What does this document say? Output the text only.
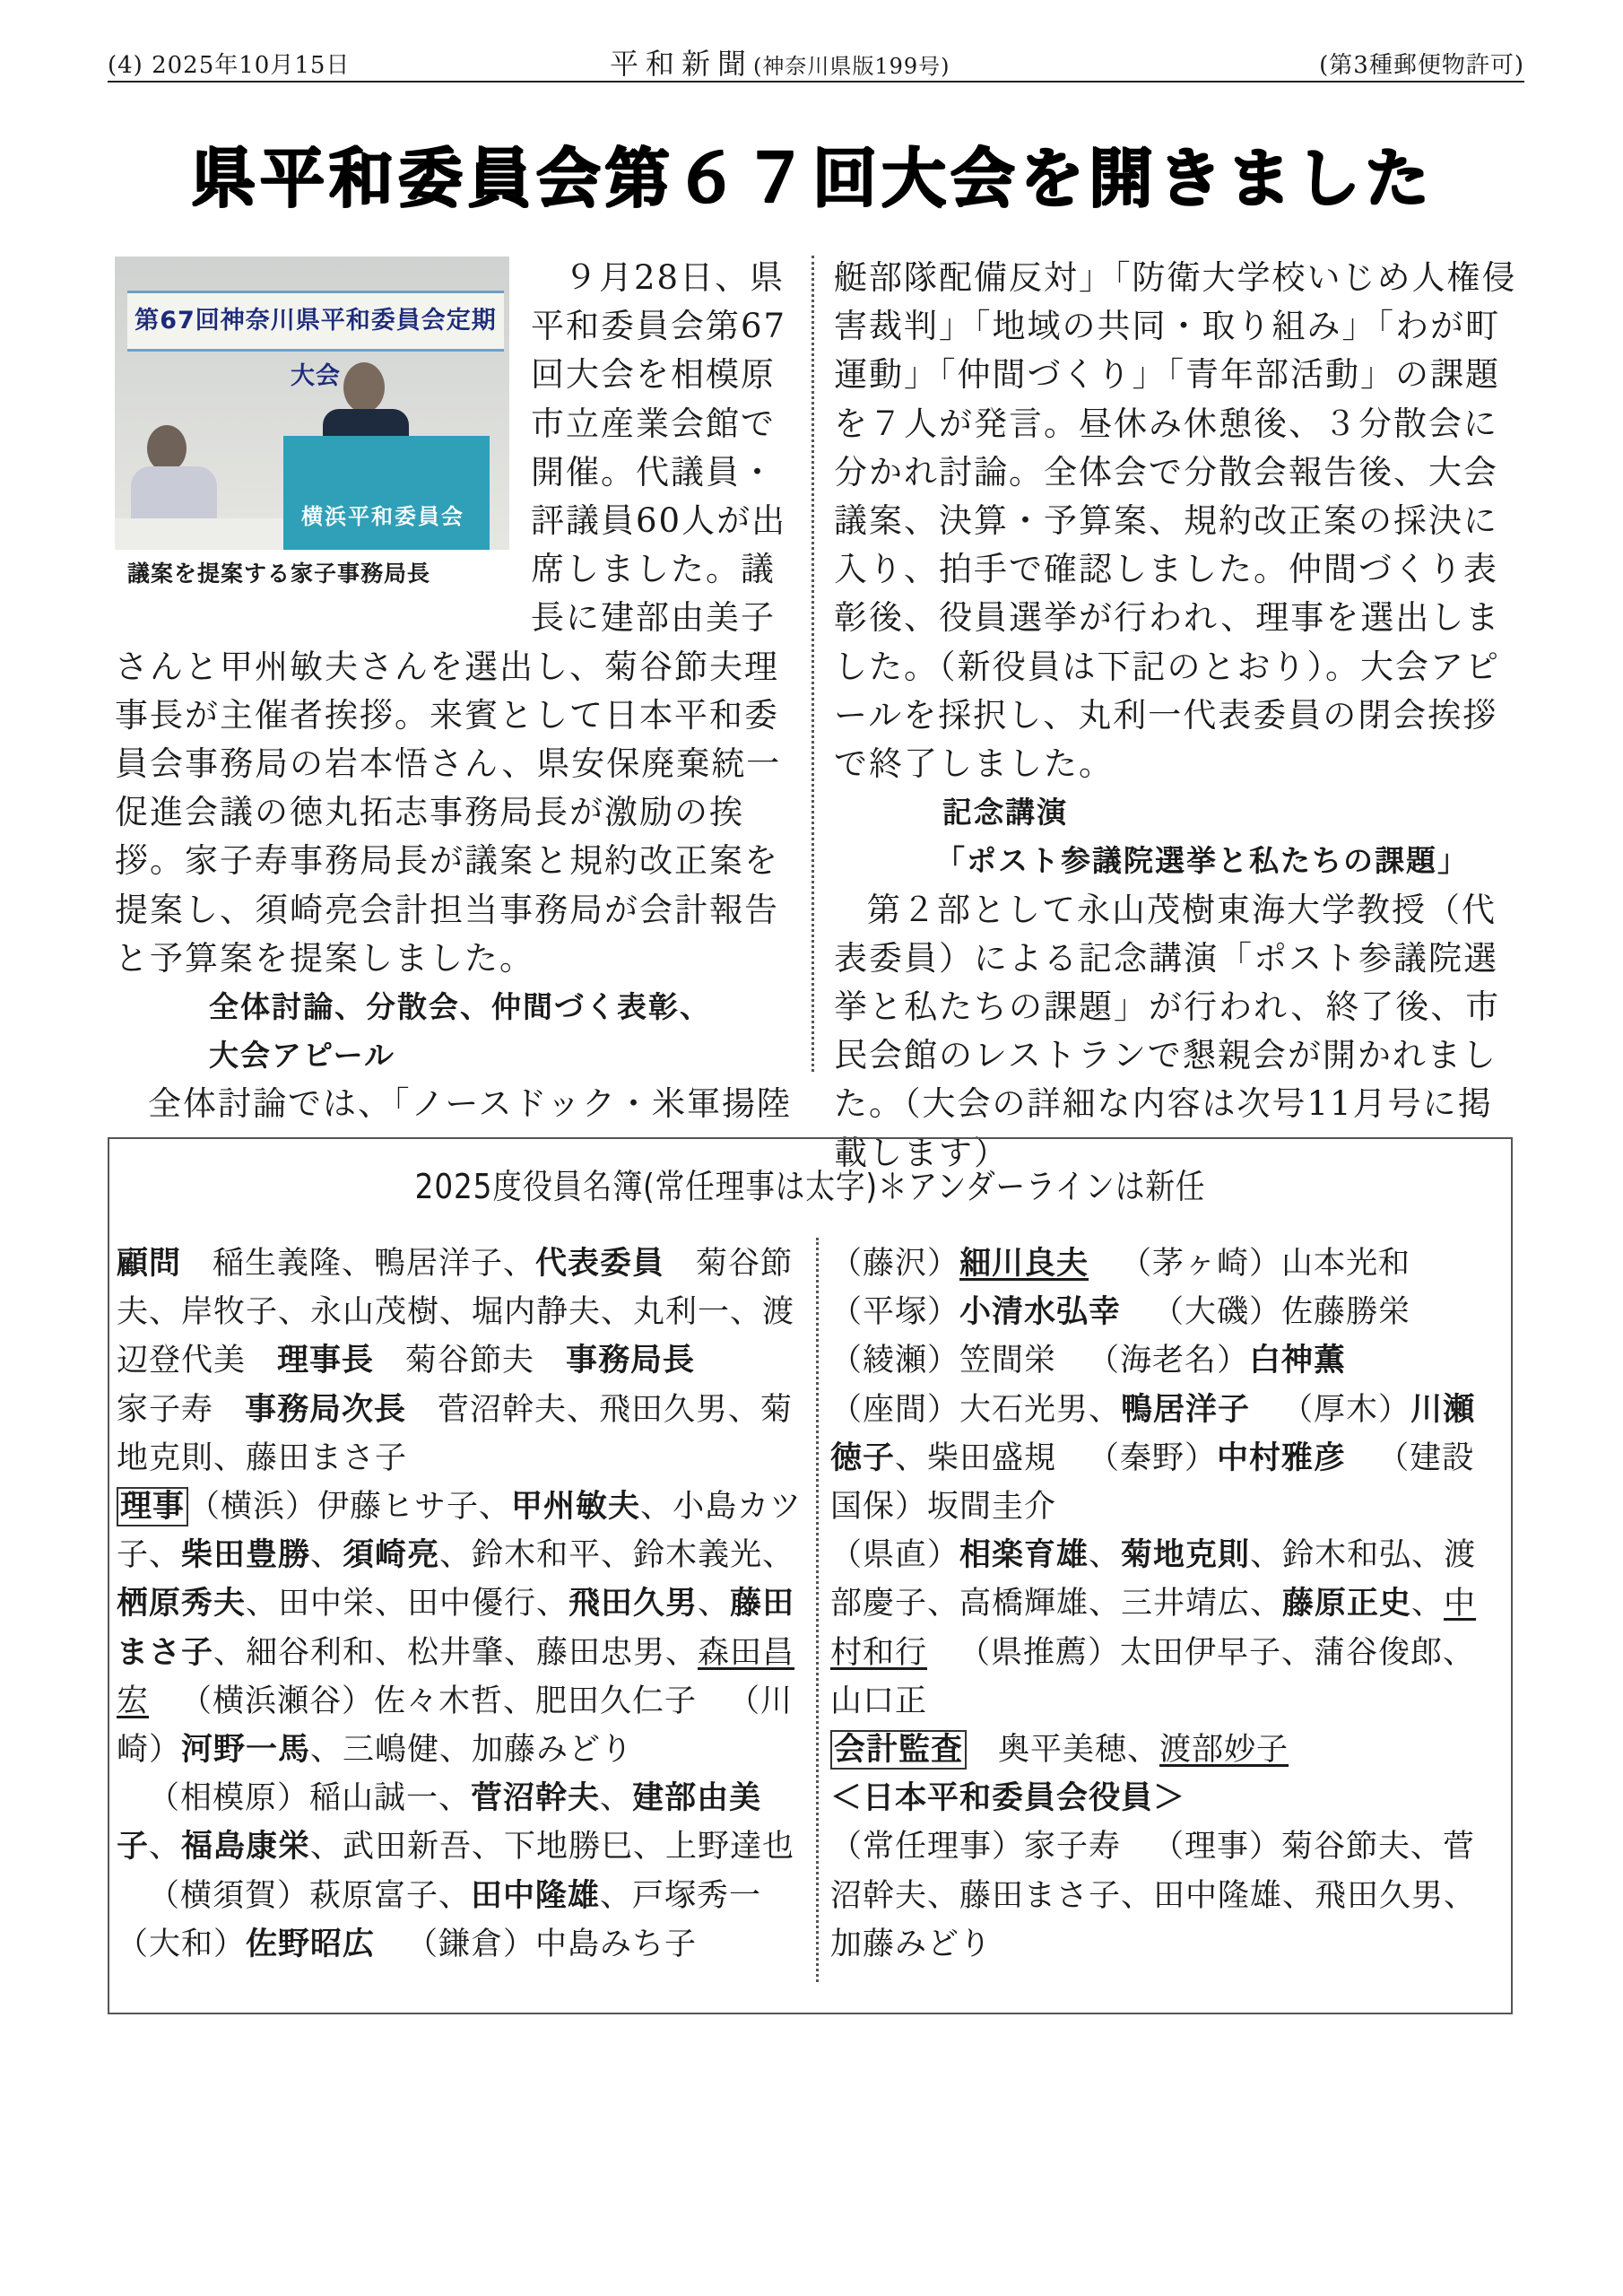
(4) 2025年10月15日	平和新聞(神奈川県版199号)	(第3種郵便物許可)
県平和委員会第６７回大会を開きました
第67回神奈川県平和委員会定期大会
横浜平和委員会
議案を提案する家子事務局長

９月28日、県平和委員会第67回大会を相模原市立産業会館で開催。代議員・評議員60人が出席しました。議長に建部由美子さんと甲州敏夫さんを選出し、菊谷節夫理事長が主催者挨拶。来賓として日本平和委員会事務局の岩本悟さん、県安保廃棄統一促進会議の徳丸拓志事務局長が激励の挨拶。家子寿事務局長が議案と規約改正案を提案し、須崎亮会計担当事務局が会計報告と予算案を提案しました。

全体討論、分散会、仲間づく表彰、

大会アピール

全体討論では、「ノースドック・米軍揚陸

艇部隊配備反対」「防衛大学校いじめ人権侵害裁判」「地域の共同・取り組み」「わが町運動」「仲間づくり」「青年部活動」の課題を７人が発言。昼休み休憩後、３分散会に分かれ討論。全体会で分散会報告後、大会議案、決算・予算案、規約改正案の採決に入り、拍手で確認しました。仲間づくり表彰後、役員選挙が行われ、理事を選出しました。（新役員は下記のとおり）。大会アピールを採択し、丸利一代表委員の閉会挨拶で終了しました。

記念講演

「ポスト参議院選挙と私たちの課題」

第２部として永山茂樹東海大学教授（代表委員）による記念講演「ポスト参議院選挙と私たちの課題」が行われ、終了後、市民会館のレストランで懇親会が開かれました。（大会の詳細な内容は次号11月号に掲載します）

2025度役員名簿(常任理事は太字)＊アンダーラインは新任

顧問 稲生義隆、鴨居洋子、代表委員 菊谷節夫、岸牧子、永山茂樹、堀内静夫、丸利一、渡辺登代美 理事長 菊谷節夫 事務局長
家子寿 事務局次長 菅沼幹夫、飛田久男、菊地克則、藤田まさ子

理事 （横浜）伊藤ヒサ子、甲州敏夫、小島カツ子、柴田豊勝、須崎亮、鈴木和平、鈴木義光、栖原秀夫、田中栄、田中優行、飛田久男、藤田まさ子、細谷利和、松井肇、藤田忠男、森田昌宏 （横浜瀬谷）佐々木哲、肥田久仁子 （川崎）河野一馬、三嶋健、加藤みどり
（相模原）稲山誠一、菅沼幹夫、建部由美子、福島康栄、武田新吾、下地勝巳、上野達也（横須賀）萩原富子、田中隆雄、戸塚秀一（大和）佐野昭広 （鎌倉）中島みち子

（藤沢）細川良夫 （茅ヶ崎）山本光和
（平塚）小清水弘幸 （大磯）佐藤勝栄
（綾瀬）笠間栄 （海老名）白神薫（座間）大石光男、鴨居洋子 （厚木）川瀬徳子、柴田盛規 （秦野）中村雅彦 （建設国保）坂間圭介

（県直）相楽育雄、菊地克則、鈴木和弘、渡部慶子、高橋輝雄、三井靖広、藤原正史、中村和行 （県推薦）太田伊早子、蒲谷俊郎、山口正

会計監査 奥平美穂、渡部妙子

＜日本平和委員会役員＞

（常任理事）家子寿 （理事）菊谷節夫、菅沼幹夫、藤田まさ子、田中隆雄、飛田久男、加藤みどり
